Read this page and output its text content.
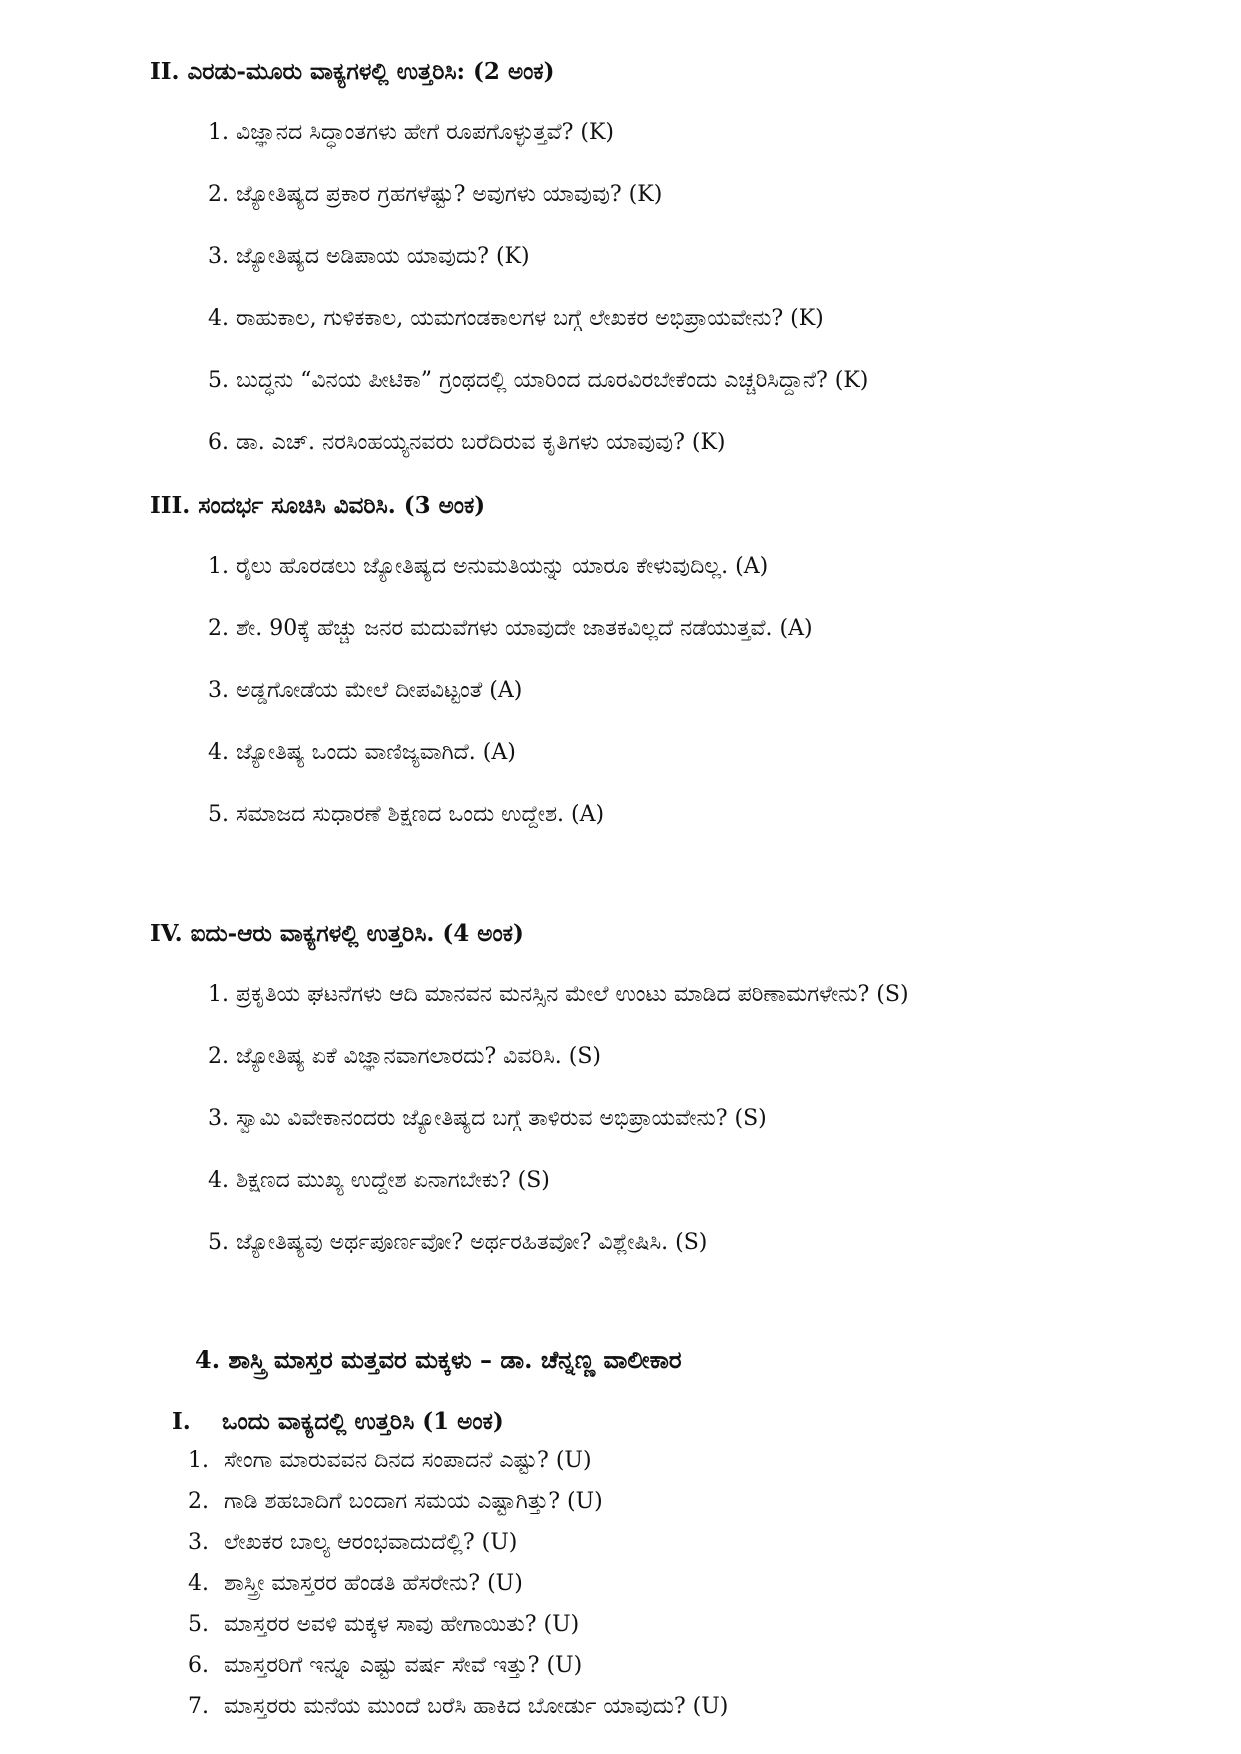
II. ಎರಡು-ಮೂರು ವಾಕ್ಯಗಳಲ್ಲಿ ಉತ್ತರಿಸಿ: (2 ಅಂಕ)
1. ವಿಜ್ಞಾನದ ಸಿದ್ಧಾಂತಗಳು ಹೇಗೆ ರೂಪಗೊಳ್ಳುತ್ತವೆ? (K)
2. ಜ್ಯೋತಿಷ್ಯದ ಪ್ರಕಾರ ಗ್ರಹಗಳೆಷ್ಟು? ಅವುಗಳು ಯಾವುವು? (K)
3. ಜ್ಯೋತಿಷ್ಯದ ಅಡಿಪಾಯ ಯಾವುದು? (K)
4. ರಾಹುಕಾಲ, ಗುಳಿಕಕಾಲ, ಯಮಗಂಡಕಾಲಗಳ ಬಗ್ಗೆ ಲೇಖಕರ ಅಭಿಪ್ರಾಯವೇನು? (K)
5. ಬುದ್ಧನು “ವಿನಯ ಪೀಟಿಕಾ” ಗ್ರಂಥದಲ್ಲಿ ಯಾರಿಂದ ದೂರವಿರಬೇಕೆಂದು ಎಚ್ಚರಿಸಿದ್ದಾನೆ? (K)
6. ಡಾ. ಎಚ್. ನರಸಿಂಹಯ್ಯನವರು ಬರೆದಿರುವ ಕೃತಿಗಳು ಯಾವುವು? (K)
III. ಸಂದರ್ಭ ಸೂಚಿಸಿ ವಿವರಿಸಿ. (3 ಅಂಕ)
1. ರೈಲು ಹೊರಡಲು ಜ್ಯೋತಿಷ್ಯದ ಅನುಮತಿಯನ್ನು ಯಾರೂ ಕೇಳುವುದಿಲ್ಲ. (A)
2. ಶೇ. 90ಕ್ಕೆ ಹೆಚ್ಚು ಜನರ ಮದುವೆಗಳು ಯಾವುದೇ ಜಾತಕವಿಲ್ಲದೆ ನಡೆಯುತ್ತವೆ. (A)
3. ಅಡ್ಡಗೋಡೆಯ ಮೇಲೆ ದೀಪವಿಟ್ಟಂತೆ (A)
4. ಜ್ಯೋತಿಷ್ಯ ಒಂದು ವಾಣಿಜ್ಯವಾಗಿದೆ. (A)
5. ಸಮಾಜದ ಸುಧಾರಣೆ ಶಿಕ್ಷಣದ ಒಂದು ಉದ್ದೇಶ. (A)
IV. ಐದು-ಆರು ವಾಕ್ಯಗಳಲ್ಲಿ ಉತ್ತರಿಸಿ. (4 ಅಂಕ)
1. ಪ್ರಕೃತಿಯ ಘಟನೆಗಳು ಆದಿ ಮಾನವನ ಮನಸ್ಸಿನ ಮೇಲೆ ಉಂಟು ಮಾಡಿದ ಪರಿಣಾಮಗಳೇನು? (S)
2. ಜ್ಯೋತಿಷ್ಯ ಏಕೆ ವಿಜ್ಞಾನವಾಗಲಾರದು? ವಿವರಿಸಿ. (S)
3. ಸ್ವಾಮಿ ವಿವೇಕಾನಂದರು ಜ್ಯೋತಿಷ್ಯದ ಬಗ್ಗೆ ತಾಳಿರುವ ಅಭಿಪ್ರಾಯವೇನು? (S)
4. ಶಿಕ್ಷಣದ ಮುಖ್ಯ ಉದ್ದೇಶ ಏನಾಗಬೇಕು? (S)
5. ಜ್ಯೋತಿಷ್ಯವು ಅರ್ಥಪೂರ್ಣವೋ? ಅರ್ಥರಹಿತವೋ? ವಿಶ್ಲೇಷಿಸಿ. (S)
4. ಶಾಸ್ತ್ರಿ ಮಾಸ್ತರ ಮತ್ತವರ ಮಕ್ಕಳು – ಡಾ. ಚೆನ್ನಣ್ಣ ವಾಲೀಕಾರ
I. ಒಂದು ವಾಕ್ಯದಲ್ಲಿ ಉತ್ತರಿಸಿ (1 ಅಂಕ)
1. ಸೇಂಗಾ ಮಾರುವವನ ದಿನದ ಸಂಪಾದನೆ ಎಷ್ಟು? (U)
2. ಗಾಡಿ ಶಹಬಾದಿಗೆ ಬಂದಾಗ ಸಮಯ ಎಷ್ಟಾಗಿತ್ತು? (U)
3. ಲೇಖಕರ ಬಾಲ್ಯ ಆರಂಭವಾದುದೆಲ್ಲಿ? (U)
4. ಶಾಸ್ತ್ರೀ ಮಾಸ್ತರರ ಹೆಂಡತಿ ಹೆಸರೇನು? (U)
5. ಮಾಸ್ತರರ ಅವಳಿ ಮಕ್ಕಳ ಸಾವು ಹೇಗಾಯಿತು? (U)
6. ಮಾಸ್ತರರಿಗೆ ಇನ್ನೂ ಎಷ್ಟು ವರ್ಷ ಸೇವೆ ಇತ್ತು? (U)
7. ಮಾಸ್ತರರು ಮನೆಯ ಮುಂದೆ ಬರೆಸಿ ಹಾಕಿದ ಬೋರ್ಡು ಯಾವುದು? (U)
